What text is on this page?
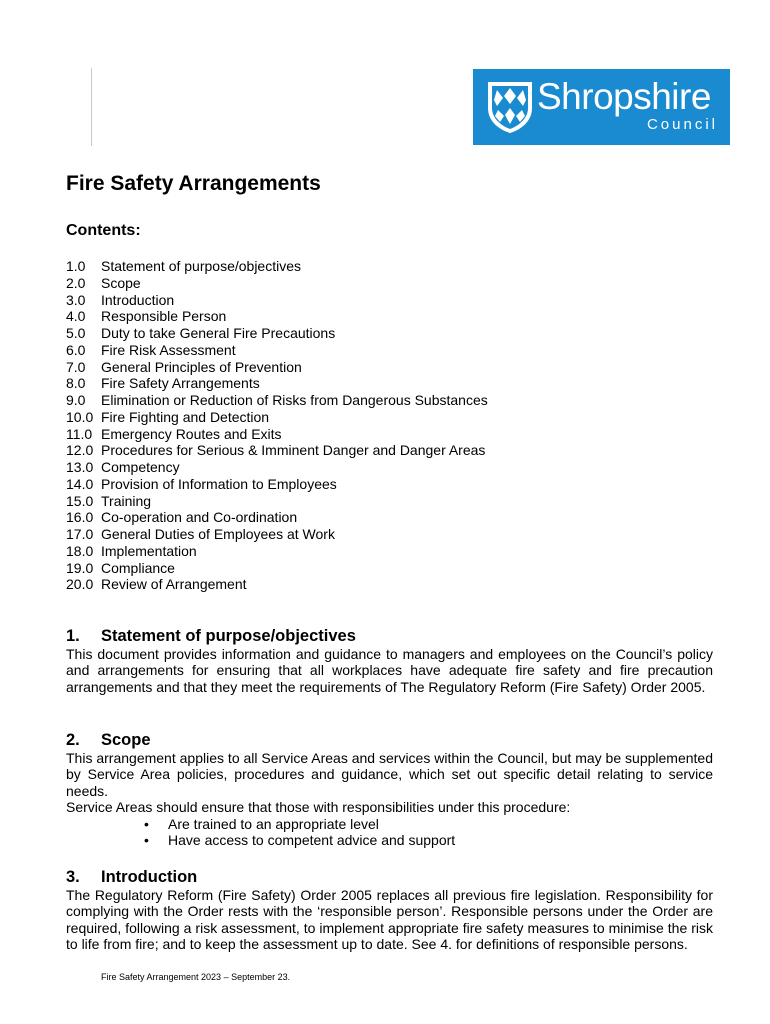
Shropshire
Council
Fire Safety Arrangements
Contents:
1.0 Statement of purpose/objectives
2.0 Scope
3.0 Introduction
4.0 Responsible Person
5.0 Duty to take General Fire Precautions
6.0 Fire Risk Assessment
7.0 General Principles of Prevention
8.0 Fire Safety Arrangements
9.0 Elimination or Reduction of Risks from Dangerous Substances
10.0 Fire Fighting and Detection
11.0 Emergency Routes and Exits
12.0 Procedures for Serious & Imminent Danger and Danger Areas
13.0 Competency
14.0 Provision of Information to Employees
15.0 Training
16.0 Co-operation and Co-ordination
17.0 General Duties of Employees at Work
18.0 Implementation
19.0 Compliance
20.0 Review of Arrangement
1. Statement of purpose/objectives

This document provides information and guidance to managers and employees on the Council’s policy and arrangements for ensuring that all workplaces have adequate fire safety and fire precaution arrangements and that they meet the requirements of The Regulatory Reform (Fire Safety) Order 2005.

2. Scope

This arrangement applies to all Service Areas and services within the Council, but may be supplemented by Service Area policies, procedures and guidance, which set out specific detail relating to service needs.

Service Areas should ensure that those with responsibilities under this procedure:

• Are trained to an appropriate level
• Have access to competent advice and support
3. Introduction

The Regulatory Reform (Fire Safety) Order 2005 replaces all previous fire legislation. Responsibility for complying with the Order rests with the ‘responsible person’. Responsible persons under the Order are required, following a risk assessment, to implement appropriate fire safety measures to minimise the risk to life from fire; and to keep the assessment up to date. See 4. for definitions of responsible persons.

Fire Safety Arrangement 2023 – September 23.
